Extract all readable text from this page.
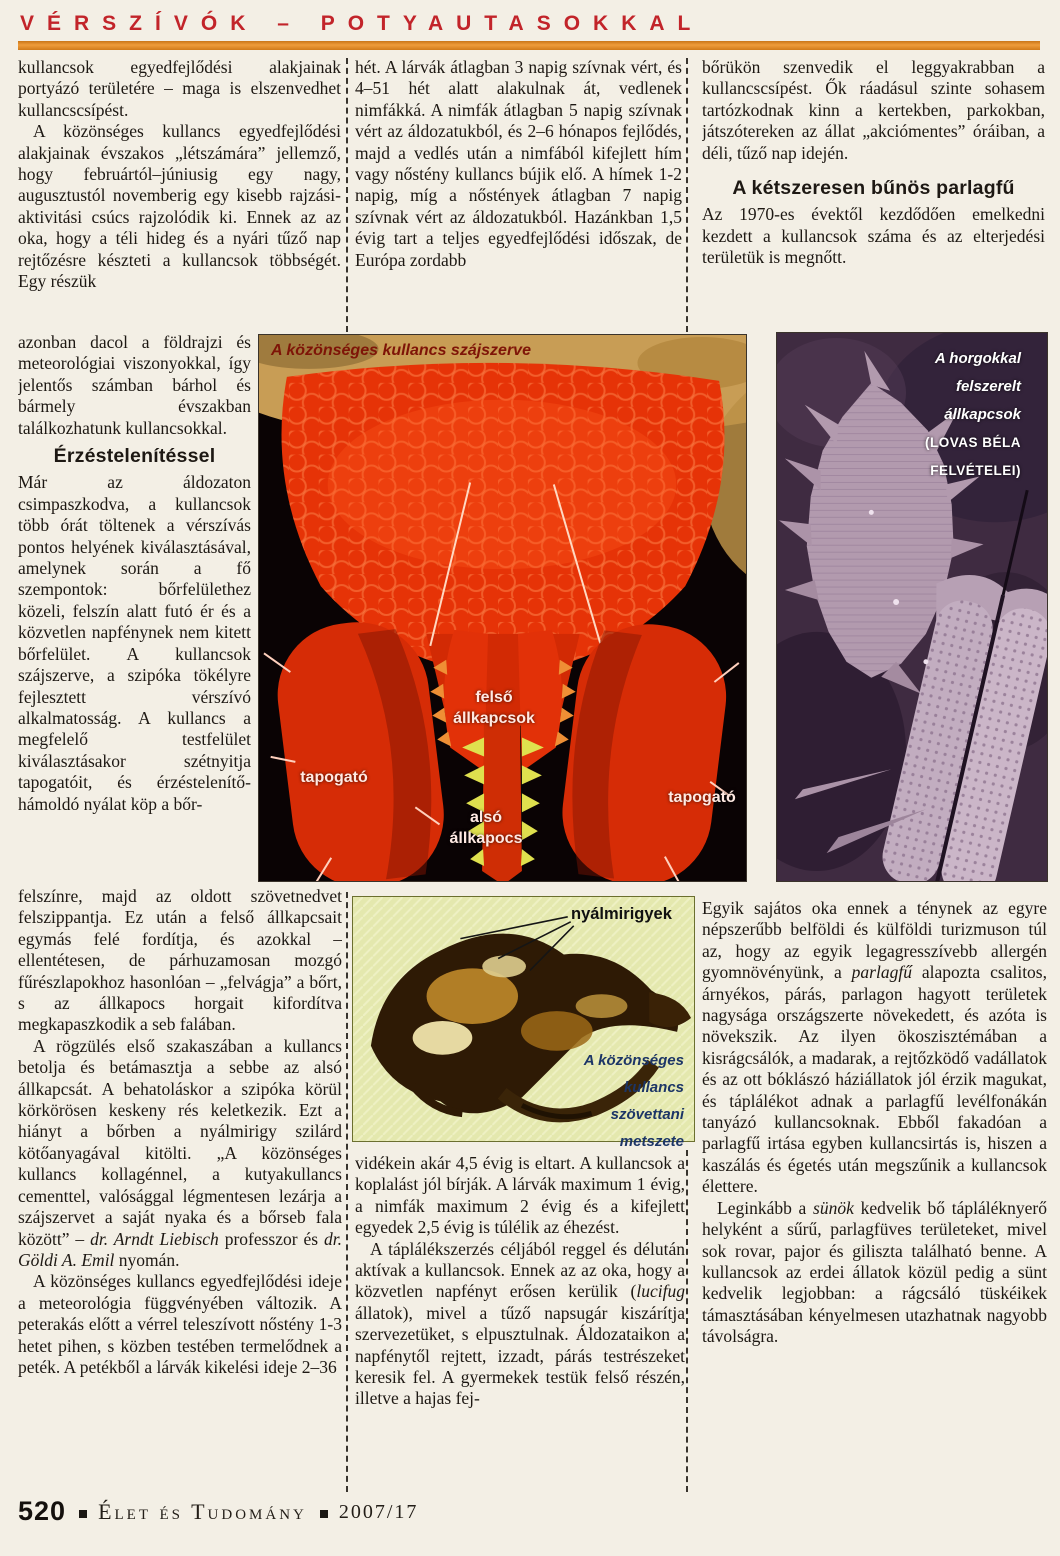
VÉRSZÍVÓK – POTYAUTASOKKAL

kullancsok egyedfejlődési alakjainak portyázó területére – maga is elszenvedhet kullancscsípést.

A közönséges kullancs egyedfejlődési alakjainak évszakos „létszámára” jellemző, hogy februártól–júniusig egy nagy, augusztustól novemberig egy kisebb rajzási-aktivitási csúcs rajzolódik ki. Ennek az az oka, hogy a téli hideg és a nyári tűző nap rejtőzésre készteti a kullancsok többségét. Egy részük

azonban dacol a földrajzi és meteorológiai viszonyokkal, így jelentős számban bárhol és bármely évszakban találkozhatunk kullancsokkal.

Érzéstelenítéssel

Már az áldozaton csimpaszkodva, a kullancsok több órát töltenek a vérszívás pontos helyének kiválasztásával, amelynek során a fő szempontok: bőrfelülethez közeli, felszín alatt futó ér és a közvetlen napfénynek nem kitett bőrfelület. A kullancsok szájszerve, a szipóka tökélyre fejlesztett vérszívó alkalmatosság. A kullancs a megfelelő testfelület kiválasztásakor szétnyitja tapogatóit, és érzéstelenítő-hámoldó nyálat köp a bőr-

felszínre, majd az oldott szövetnedvet felszippantja. Ez után a felső állkapcsait egymás felé fordítja, és azokkal – ellentétesen, de párhuzamosan mozgó fűrészlapokhoz hasonlóan – „felvágja” a bőrt, s az állkapocs horgait kifordítva megkapaszkodik a seb falában.

A rögzülés első szakaszában a kullancs betolja és betámasztja a sebbe az alsó állkapcsát. A behatoláskor a szipóka körül körkörösen keskeny rés keletkezik. Ezt a hiányt a bőrben a nyálmirigy szilárd kötőanyagával kitölti. „A közönséges kullancs kollagénnel, a kutyakullancs cementtel, valósággal légmentesen lezárja a szájszervet a saját nyaka és a bőrseb fala között” – dr. Arndt Liebisch professzor és dr. Göldi A. Emil nyomán.

A közönséges kullancs egyedfejlődési ideje a meteorológia függvényében változik. A peterakás előtt a vérrel teleszívott nőstény 1-3 hetet pihen, s közben testében termelődnek a peték. A petékből a lárvák kikelési ideje 2–36

hét. A lárvák átlagban 3 napig szívnak vért, és 4–51 hét alatt alakulnak át, vedlenek nimfákká. A nimfák átlagban 5 napig szívnak vért az áldozatukból, és 2–6 hónapos fejlődés, majd a vedlés után a nimfából kifejlett hím vagy nőstény kullancs bújik elő. A hímek 1-2 napig, míg a nőstények átlagban 7 napig szívnak vért az áldozatukból. Hazánkban 1,5 évig tart a teljes egyedfejlődési időszak, de Európa zordabb

vidékein akár 4,5 évig is eltart. A kullancsok a koplalást jól bírják. A lárvák maximum 1 évig, a nimfák maximum 2 évig és a kifejlett egyedek 2,5 évig is túlélik az éhezést.

A táplálékszerzés céljából reggel és délután aktívak a kullancsok. Ennek az az oka, hogy a közvetlen napfényt erősen kerülik (lucifug állatok), mivel a tűző napsugár kiszárítja szervezetüket, s elpusztulnak. Áldozataikon a napfénytől rejtett, izzadt, párás testrészeket keresik fel. A gyermekek testük felső részén, illetve a hajas fej-

bőrükön szenvedik el leggyakrabban a kullancscsípést. Ők ráadásul szinte sohasem tartózkodnak kinn a kertekben, parkokban, játszótereken az állat „akciómentes” óráiban, a déli, tűző nap idején.

A kétszeresen bűnös parlagfű

Az 1970-es évektől kezdődően emelkedni kezdett a kullancsok száma és az elterjedési területük is megnőtt.

Egyik sajátos oka ennek a ténynek az egyre népszerűbb belföldi és külföldi turizmuson túl az, hogy az egyik legagresszívebb allergén gyomnövényünk, a parlagfű alapozta csalitos, árnyékos, párás, parlagon hagyott területek nagysága országszerte növekedett, és azóta is növekszik. Az ilyen ökoszisztémában a kisrágcsálók, a madarak, a rejtőzködő vadállatok és az ott bóklászó háziállatok jól érzik magukat, és táplálékot adnak a parlagfű levélfonákán tanyázó kullancsoknak. Ebből fakadóan a parlagfű irtása egyben kullancsirtás is, hiszen a kaszálás és égetés után megszűnik a kullancsok élettere.

Leginkább a sünök kedvelik bő tápláléknyerő helyként a sűrű, parlagfüves területeket, mivel sok rovar, pajor és giliszta található benne. A kullancsok az erdei állatok közül pedig a sünt kedvelik legjobban: a rágcsáló tüskéikek támasztásában kényelmesen utazhatnak nagyobb távolságra.

A közönséges kullancs szájszerve
felső
állkapcsok
tapogató
tapogató
alsó
állkapocs
A horgokkal
felszerelt
állkapcsok
(LOVAS BÉLA
FELVÉTELEI)
nyálmirigyek
A közönséges
kullancs
szövettani
metszete
520 Élet és Tudomány 2007/17
